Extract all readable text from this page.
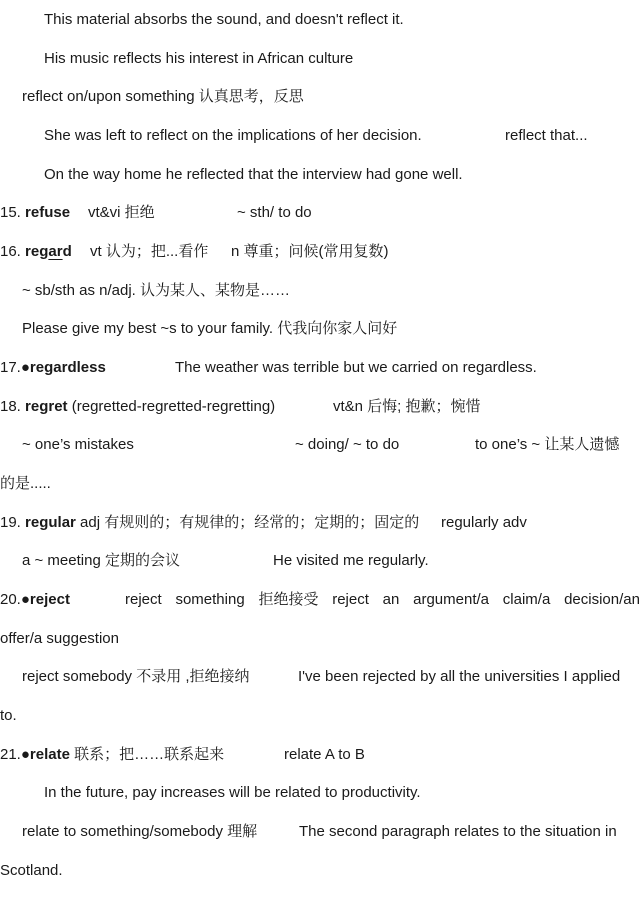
This material absorbs the sound, and doesn't reflect it.
His music reflects his interest in African culture
reflect on/upon something 认真思考，反思
She was left to reflect on the implications of her decision.	reflect that...
On the way home he reflected that the interview had gone well.
15. refuse vt&vi 拒绝	~ sth/ to do
16. regard vt 认为；把...看作 n 尊重；问候(常用复数)
~ sb/sth as n/adj. 认为某人、某物是……
Please give my best ~s to your family. 代我向你家人问好
17.●regardless	The weather was terrible but we carried on regardless.
18. regret (regretted-regretted-regretting)	vt&n 后悔; 抱歉；惋惜
~ one’s mistakes	~ doing/ ~ to do	to one’s ~ 让某人遗憾
的是.....
19. regular adj 有规则的；有规律的；经常的；定期的；固定的 regularly adv
a ~ meeting 定期的会议	He visited me regularly.
20.●reject	reject something 拒绝接受 reject an argument/a claim/a decision/an
offer/a suggestion
reject somebody 不录用 ,拒绝接纳	I've been rejected by all the universities I applied
to.
21.●relate 联系；把……联系起来	relate A to B
In the future, pay increases will be related to productivity.
relate to something/somebody 理解	The second paragraph relates to the situation in
Scotland.
